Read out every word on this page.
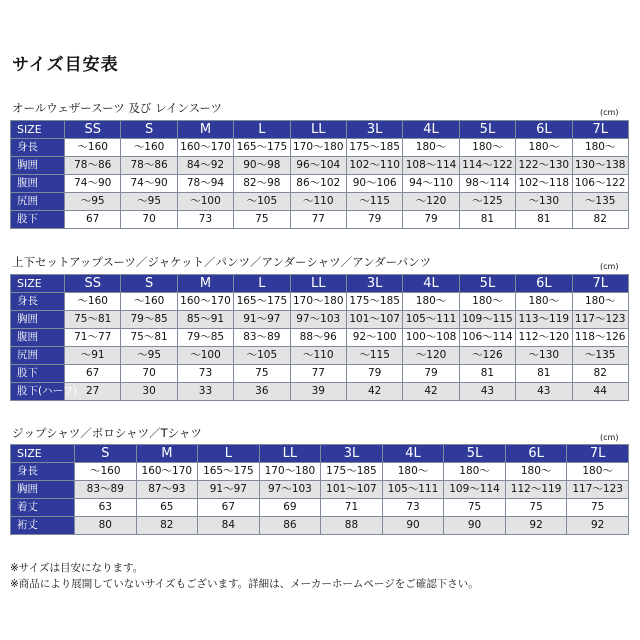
サイズ目安表
オールウェザースーツ 及び レインスーツ	(cm)
SIZE	SS	S	M	L	LL	3L	4L	5L	6L	7L
身長	～160	～160	160～170	165～175	170～180	175～185	180～	180～	180～	180～
胸囲	78～86	78～86	84～92	90～98	96～104	102～110	108～114	114～122	122～130	130～138
腹囲	74～90	74～90	78～94	82～98	86～102	90～106	94～110	98～114	102～118	106～122
尻囲	～95	～95	～100	～105	～110	～115	～120	～125	～130	～135
股下	67	70	73	75	77	79	79	81	81	82
上下セットアップスーツ／ジャケット／パンツ／アンダーシャツ／アンダーパンツ	(cm)
SIZE	SS	S	M	L	LL	3L	4L	5L	6L	7L
身長	～160	～160	160～170	165～175	170～180	175～185	180～	180～	180～	180～
胸囲	75～81	79～85	85～91	91～97	97～103	101～107	105～111	109～115	113～119	117～123
腹囲	71～77	75～81	79～85	83～89	88～96	92～100	100～108	106～114	112～120	118～126
尻囲	～91	～95	～100	～105	～110	～115	～120	～126	～130	～135
股下	67	70	73	75	77	79	79	81	81	82
股下(ハーフ)	27	30	33	36	39	42	42	43	43	44
ジップシャツ／ポロシャツ／Tシャツ	(cm)
SIZE	S	M	L	LL	3L	4L	5L	6L	7L
身長	～160	160～170	165～175	170～180	175～185	180～	180～	180～	180～
胸囲	83～89	87～93	91～97	97～103	101～107	105～111	109～114	112～119	117～123
着丈	63	65	67	69	71	73	75	75	75
裄丈	80	82	84	86	88	90	90	92	92
※サイズは目安になります。
※商品により展開していないサイズもございます。詳細は、メーカーホームページをご確認下さい。
